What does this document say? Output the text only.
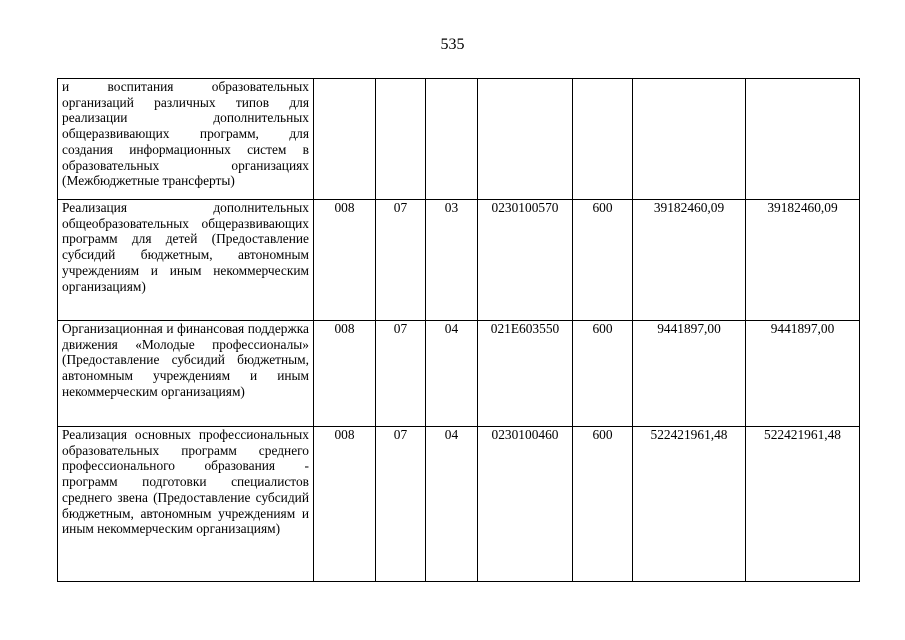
535
и воспитания образовательных организаций различных типов для реализации дополнительных общеразвивающих программ, для создания информационных систем в образовательных организациях (Межбюджетные трансферты)							
Реализация дополнительных общеобразовательных общеразвивающих программ для детей (Предоставление субсидий бюджетным, автономным учреждениям и иным некоммерческим организациям)	008	07	03	0230100570	600	39182460,09	39182460,09
Организационная и финансовая поддержка движения «Молодые профессионалы» (Предоставление субсидий бюджетным, автономным учреждениям и иным некоммерческим организациям)	008	07	04	021E603550	600	9441897,00	9441897,00
Реализация основных профессиональных образовательных программ среднего профессионального образования - программ подготовки специалистов среднего звена (Предоставление субсидий бюджетным, автономным учреждениям и иным некоммерческим организациям)	008	07	04	0230100460	600	522421961,48	522421961,48
